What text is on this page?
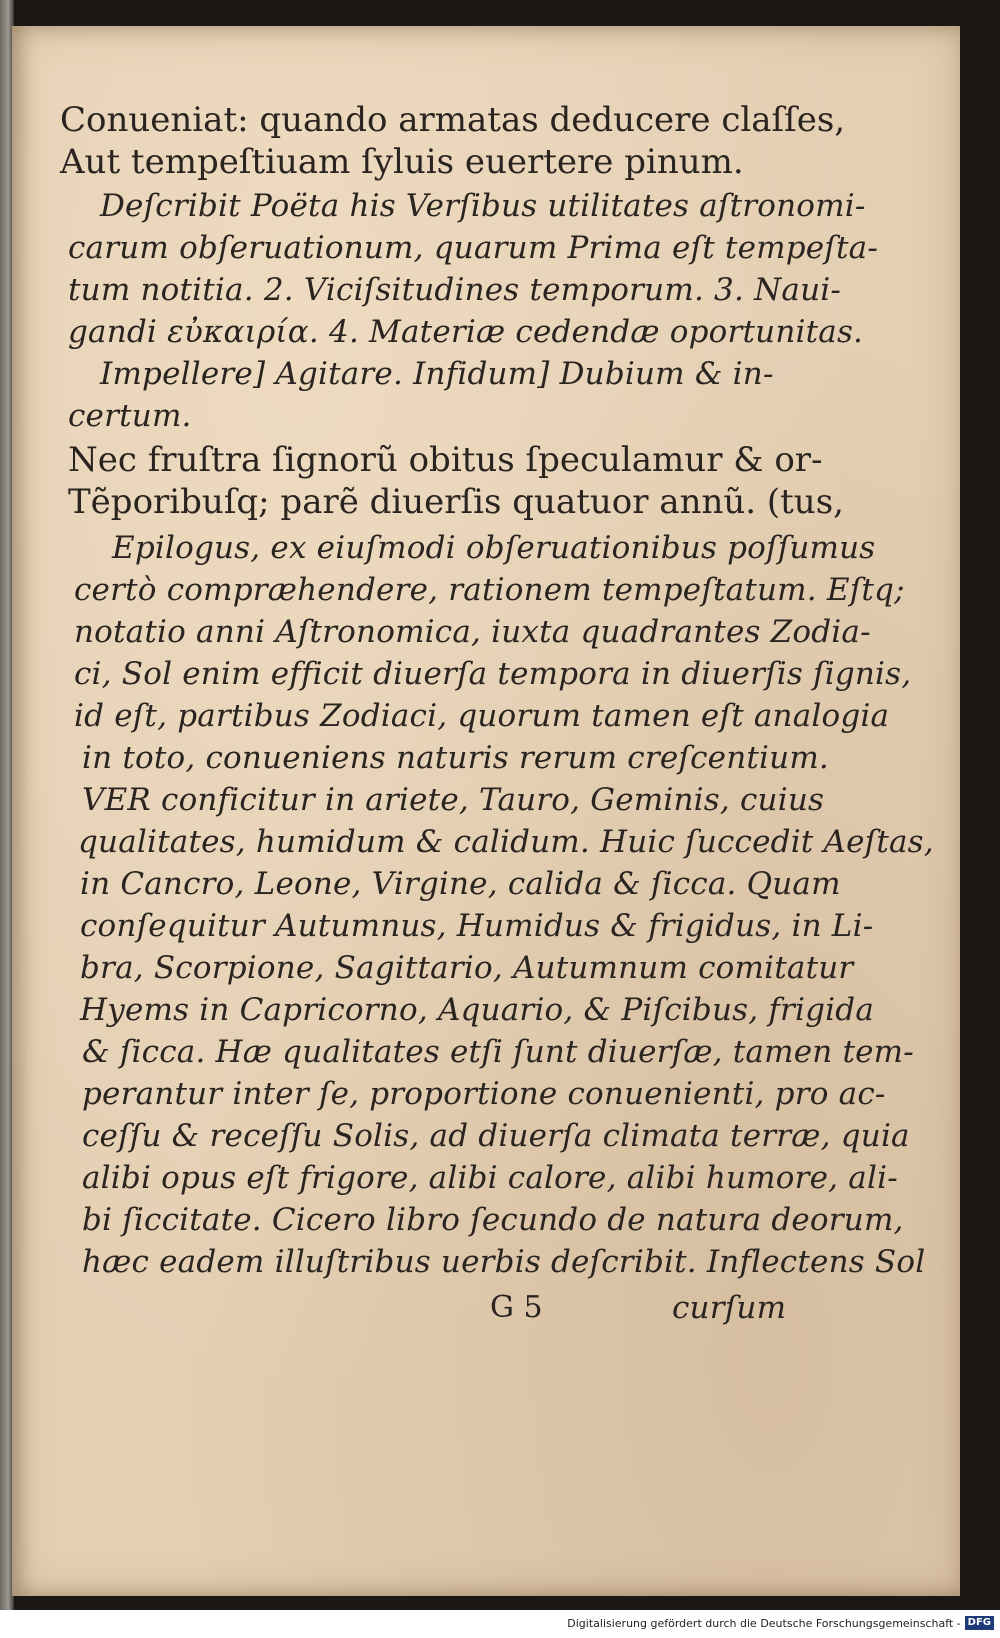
Conueniat: quando armatas deducere claſſes,
Aut tempeſtiuam ſyluis euertere pinum.
Deſcribit Poëta his Verſibus utilitates aſtronomi-
carum obſeruationum, quarum Prima eſt tempeſta-
tum notitia. 2. Viciſsitudines temporum. 3. Naui-
gandi εὐκαιρία. 4. Materiæ cedendæ oportunitas.
Impellere] Agitare. Infidum] Dubium & in-
certum.
Nec fruſtra ſignorũ obitus ſpeculamur & or-
Tẽporibuſq; parẽ diuerſis quatuor annũ. (tus,
Epilogus, ex eiuſmodi obſeruationibus poſſumus
certò compræhendere, rationem tempeſtatum. Eſtq;
notatio anni Aſtronomica, iuxta quadrantes Zodia-
ci, Sol enim efficit diuerſa tempora in diuerſis ſignis,
id eſt, partibus Zodiaci, quorum tamen eſt analogia
in toto, conueniens naturis rerum creſcentium.
VER conficitur in ariete, Tauro, Geminis, cuius
qualitates, humidum & calidum. Huic ſuccedit Aeſtas,
in Cancro, Leone, Virgine, calida & ſicca. Quam
conſequitur Autumnus, Humidus & frigidus, in Li-
bra, Scorpione, Sagittario, Autumnum comitatur
Hyems in Capricorno, Aquario, & Piſcibus, frigida
& ſicca. Hæ qualitates etſi ſunt diuerſæ, tamen tem-
perantur inter ſe, proportione conuenienti, pro ac-
ceſſu & receſſu Solis, ad diuerſa climata terræ, quia
alibi opus eſt frigore, alibi calore, alibi humore, ali-
bi ſiccitate. Cicero libro ſecundo de natura deorum,
hæc eadem illuſtribus uerbis deſcribit. Inflectens Sol
G 5	curſum
Digitalisierung gefördert durch die Deutsche Forschungsgemeinschaft - DFG
